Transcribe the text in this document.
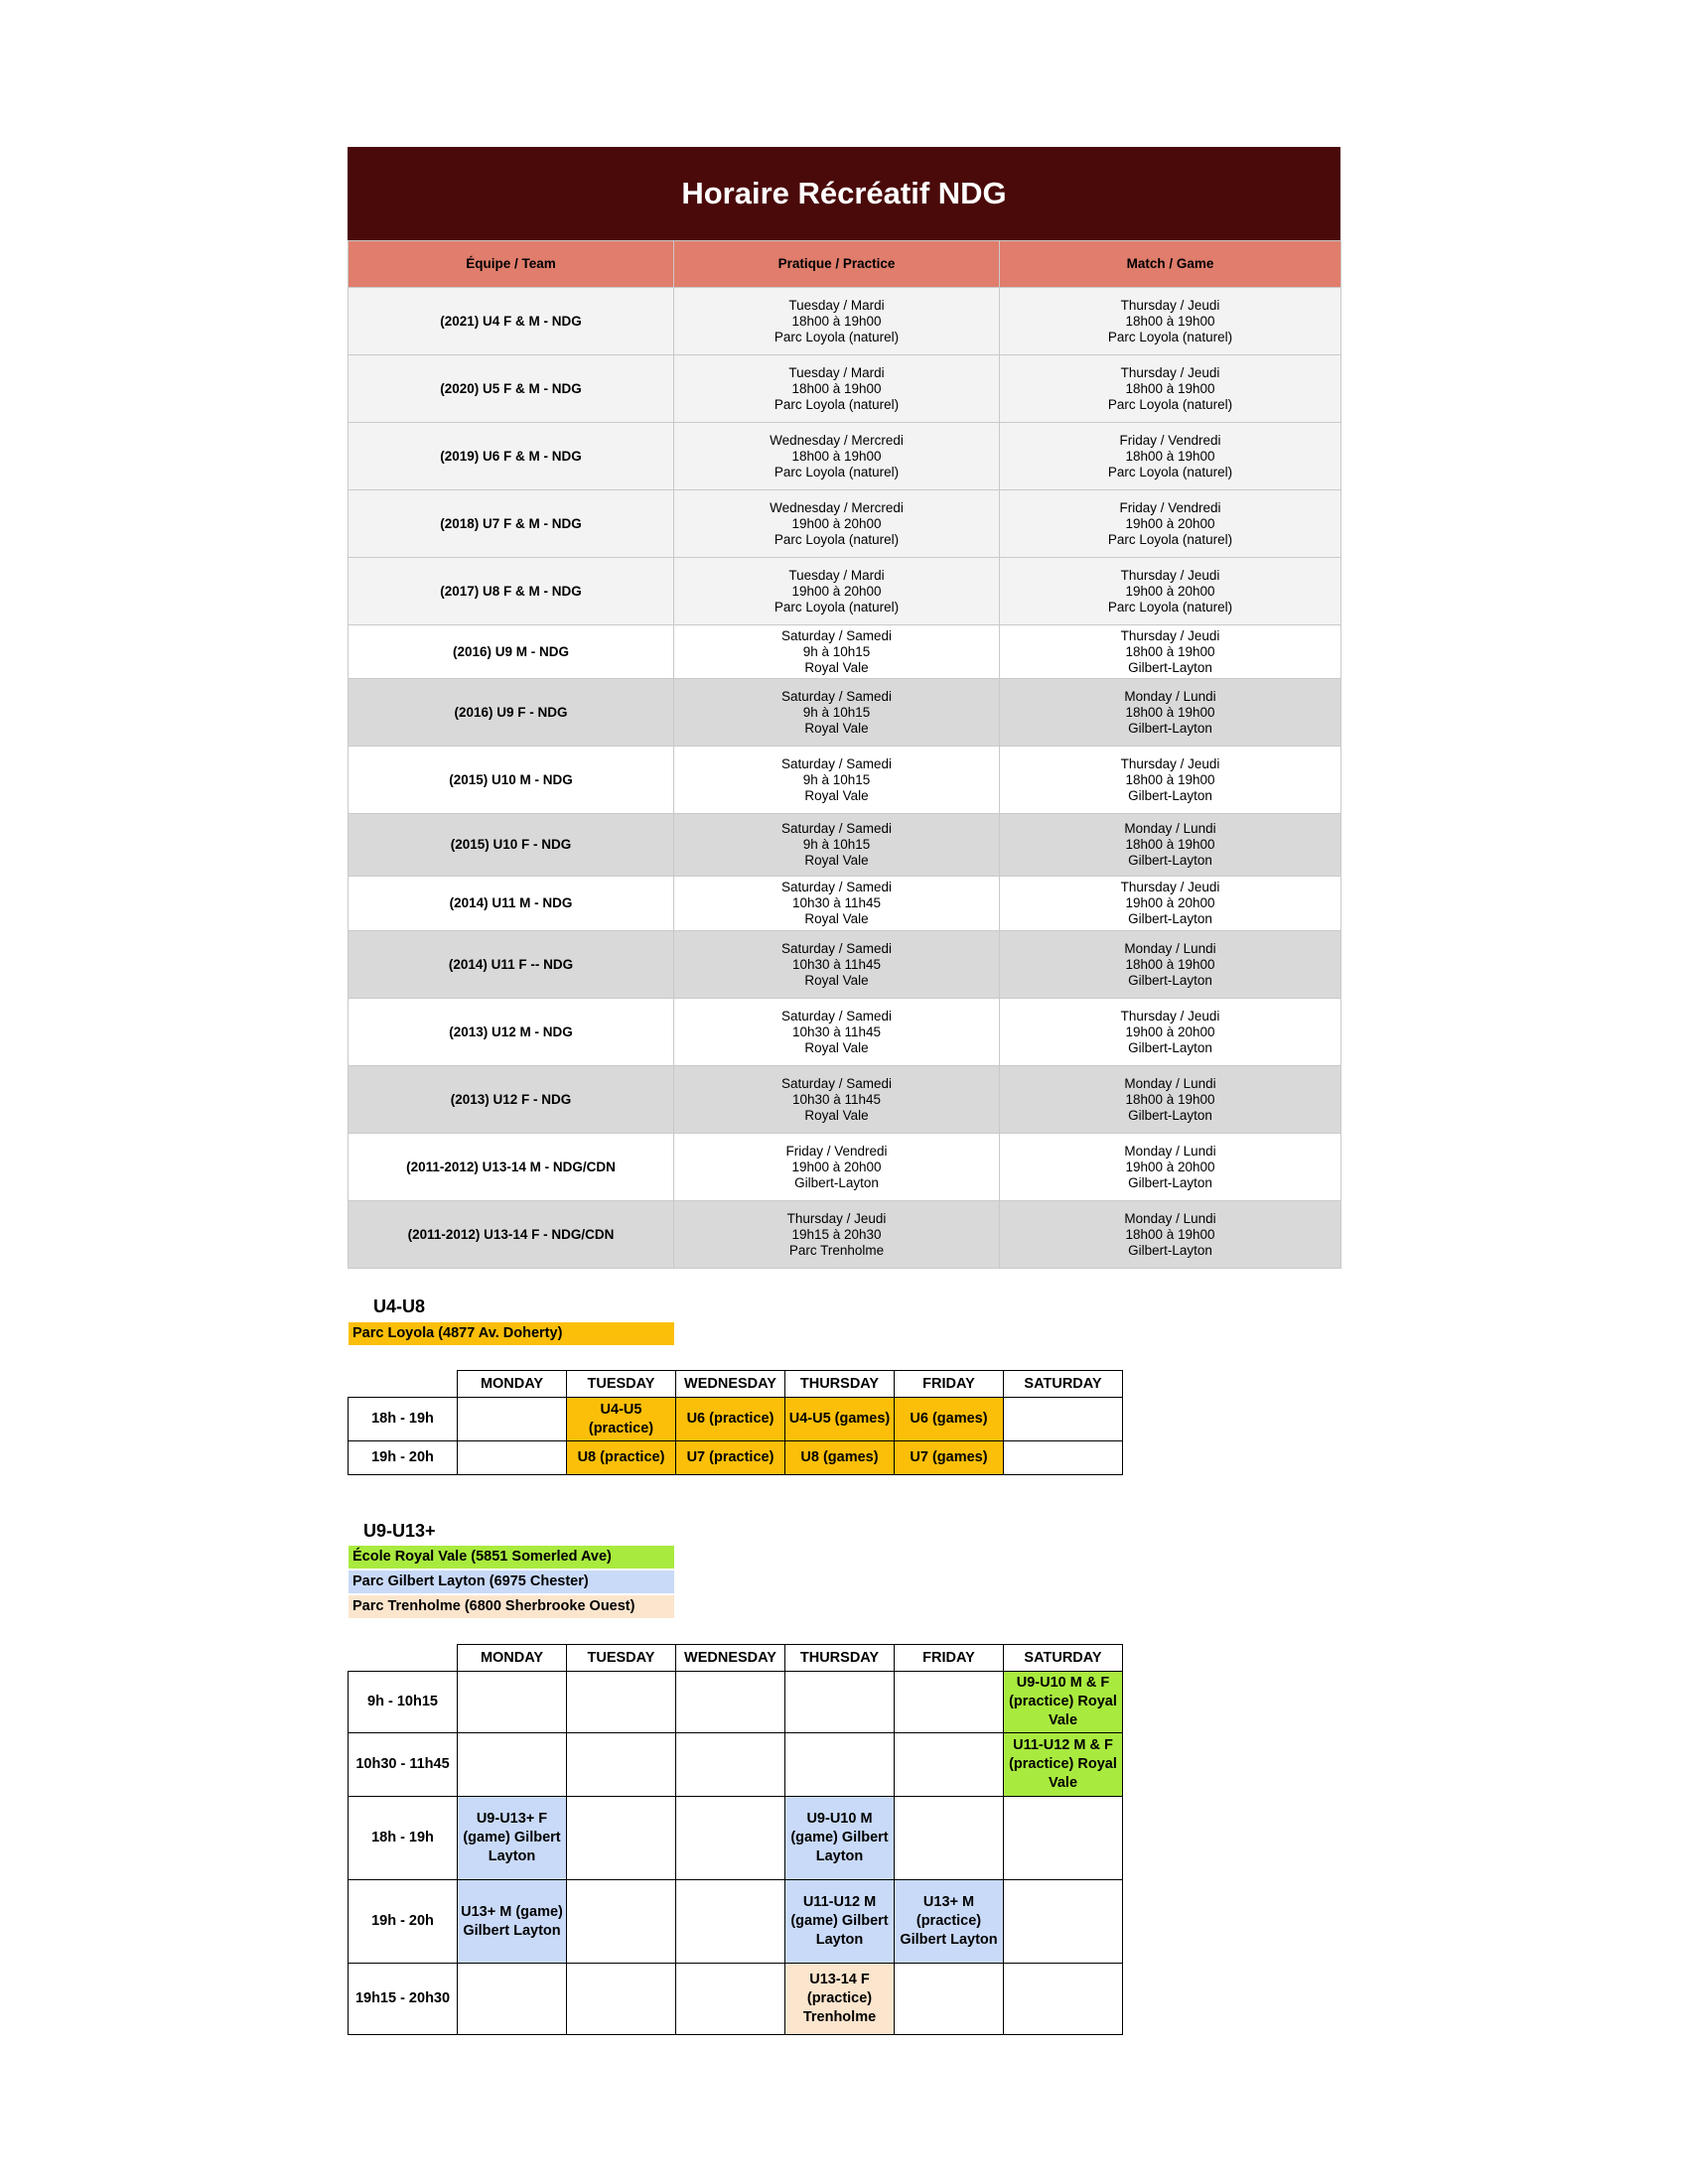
Horaire Récréatif NDG
Équipe / Team	Pratique / Practice	Match / Game
(2021) U4 F & M - NDG	Tuesday / Mardi
18h00 à 19h00
Parc Loyola (naturel)	Thursday / Jeudi
18h00 à 19h00
Parc Loyola (naturel)

(2020) U5 F & M - NDG	Tuesday / Mardi
18h00 à 19h00
Parc Loyola (naturel)	Thursday / Jeudi
18h00 à 19h00
Parc Loyola (naturel)

(2019) U6 F & M - NDG	Wednesday / Mercredi
18h00 à 19h00
Parc Loyola (naturel)	Friday / Vendredi
18h00 à 19h00
Parc Loyola (naturel)

(2018) U7 F & M - NDG	Wednesday / Mercredi
19h00 à 20h00
Parc Loyola (naturel)	Friday / Vendredi
19h00 à 20h00
Parc Loyola (naturel)

(2017) U8 F & M - NDG	Tuesday / Mardi
19h00 à 20h00
Parc Loyola (naturel)	Thursday / Jeudi
19h00 à 20h00
Parc Loyola (naturel)

(2016) U9 M - NDG	Saturday / Samedi
9h à 10h15
Royal Vale	Thursday / Jeudi
18h00 à 19h00
Gilbert-Layton

(2016) U9 F - NDG	Saturday / Samedi
9h à 10h15
Royal Vale	Monday / Lundi
18h00 à 19h00
Gilbert-Layton

(2015) U10 M - NDG	Saturday / Samedi
9h à 10h15
Royal Vale	Thursday / Jeudi
18h00 à 19h00
Gilbert-Layton

(2015) U10 F - NDG	Saturday / Samedi
9h à 10h15
Royal Vale	Monday / Lundi
18h00 à 19h00
Gilbert-Layton

(2014) U11 M - NDG	Saturday / Samedi
10h30 à 11h45
Royal Vale	Thursday / Jeudi
19h00 à 20h00
Gilbert-Layton

(2014) U11 F -- NDG	Saturday / Samedi
10h30 à 11h45
Royal Vale	Monday / Lundi
18h00 à 19h00
Gilbert-Layton

(2013) U12 M - NDG	Saturday / Samedi
10h30 à 11h45
Royal Vale	Thursday / Jeudi
19h00 à 20h00
Gilbert-Layton

(2013) U12 F - NDG	Saturday / Samedi
10h30 à 11h45
Royal Vale	Monday / Lundi
18h00 à 19h00
Gilbert-Layton

(2011-2012) U13-14 M - NDG/CDN	Friday / Vendredi
19h00 à 20h00
Gilbert-Layton	Monday / Lundi
19h00 à 20h00
Gilbert-Layton

(2011-2012) U13-14 F - NDG/CDN	Thursday / Jeudi
19h15 à 20h30
Parc Trenholme	Monday / Lundi
18h00 à 19h00
Gilbert-Layton
U4-U8
Parc Loyola (4877 Av. Doherty)
	MONDAY	TUESDAY	WEDNESDAY	THURSDAY	FRIDAY	SATURDAY
18h - 19h		U4-U5 (practice)	U6 (practice)	U4-U5 (games)	U6 (games)	
19h - 20h		U8 (practice)	U7 (practice)	U8 (games)	U7 (games)	
U9-U13+
École Royal Vale (5851 Somerled Ave)
Parc Gilbert Layton (6975 Chester)
Parc Trenholme (6800 Sherbrooke Ouest)
	MONDAY	TUESDAY	WEDNESDAY	THURSDAY	FRIDAY	SATURDAY
9h - 10h15						U9-U10 M & F (practice) Royal Vale
10h30 - 11h45						U11-U12 M & F (practice) Royal Vale
18h - 19h	U9-U13+ F (game) Gilbert Layton			U9-U10 M (game) Gilbert Layton		
19h - 20h	U13+ M (game) Gilbert Layton			U11-U12 M (game) Gilbert Layton	U13+ M (practice) Gilbert Layton	
19h15 - 20h30				U13-14 F (practice) Trenholme		
